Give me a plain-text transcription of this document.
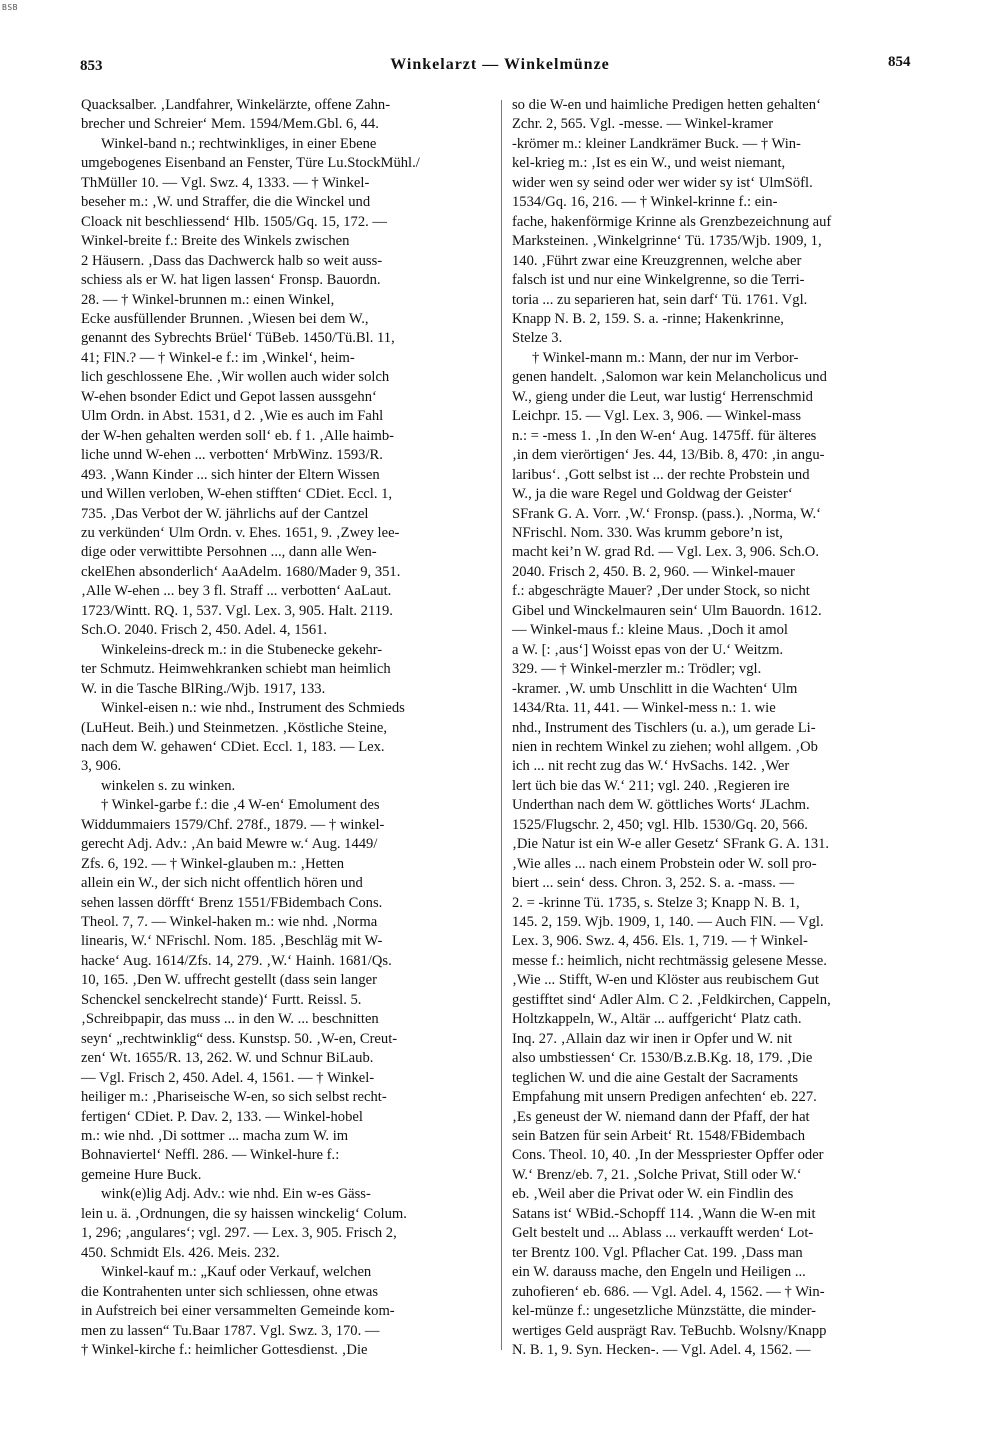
BSB
853	Winkelarzt — Winkelmünze	854
Quacksalber. ‚Landfahrer, Winkelärzte, offene Zahn-
brecher und Schreier‘ Mem. 1594/Mem.Gbl. 6, 44.
Winkel-band n.; rechtwinkliges, in einer Ebene
umgebogenes Eisenband an Fenster, Türe Lu.StockMühl./
ThMüller 10. — Vgl. Swz. 4, 1333. — † Winkel-
beseher m.: ‚W. und Straffer, die die Winckel und
Cloack nit beschliessend‘ Hlb. 1505/Gq. 15, 172. —
Winkel-breite f.: Breite des Winkels zwischen
2 Häusern. ‚Dass das Dachwerck halb so weit auss-
schiess als er W. hat ligen lassen‘ Fronsp. Bauordn.
28. — † Winkel-brunnen m.: einen Winkel,
Ecke ausfüllender Brunnen. ‚Wiesen bei dem W.,
genannt des Sybrechts Brüel‘ TüBeb. 1450/Tü.Bl. 11,
41; FlN.? — † Winkel-e f.: im ‚Winkel‘, heim-
lich geschlossene Ehe. ‚Wir wollen auch wider solch
W-ehen bsonder Edict und Gepot lassen aussgehn‘
Ulm Ordn. in Abst. 1531, d 2. ‚Wie es auch im Fahl
der W-hen gehalten werden soll‘ eb. f 1. ‚Alle haimb-
liche unnd W-ehen ... verbotten‘ MrbWinz. 1593/R.
493. ‚Wann Kinder ... sich hinter der Eltern Wissen
und Willen verloben, W-ehen stifften‘ CDiet. Eccl. 1,
735. ‚Das Verbot der W. jährlichs auf der Cantzel
zu verkünden‘ Ulm Ordn. v. Ehes. 1651, 9. ‚Zwey lee-
dige oder verwittibte Persohnen ..., dann alle Wen-
ckelEhen absonderlich‘ AaAdelm. 1680/Mader 9, 351.
‚Alle W-ehen ... bey 3 fl. Straff ... verbotten‘ AaLaut.
1723/Wintt. RQ. 1, 537. Vgl. Lex. 3, 905. Halt. 2119.
Sch.O. 2040. Frisch 2, 450. Adel. 4, 1561.
Winkeleins-dreck m.: in die Stubenecke gekehr-
ter Schmutz. Heimwehkranken schiebt man heimlich
W. in die Tasche BlRing./Wjb. 1917, 133.
Winkel-eisen n.: wie nhd., Instrument des Schmieds
(LuHeut. Beih.) und Steinmetzen. ‚Köstliche Steine,
nach dem W. gehawen‘ CDiet. Eccl. 1, 183. — Lex.
3, 906.
winkelen s. zu winken.
† Winkel-garbe f.: die ‚4 W-en‘ Emolument des
Widdummaiers 1579/Chf. 278f., 1879. — † winkel-
gerecht Adj. Adv.: ‚An baid Mewre w.‘ Aug. 1449/
Zfs. 6, 192. — † Winkel-glauben m.: ‚Hetten
allein ein W., der sich nicht offentlich hören und
sehen lassen dörfft‘ Brenz 1551/FBidembach Cons.
Theol. 7, 7. — Winkel-haken m.: wie nhd. ‚Norma
linearis, W.‘ NFrischl. Nom. 185. ‚Beschläg mit W-
hacke‘ Aug. 1614/Zfs. 14, 279. ‚W.‘ Hainh. 1681/Qs.
10, 165. ‚Den W. uffrecht gestellt (dass sein langer
Schenckel senckelrecht stande)‘ Furtt. Reissl. 5.
‚Schreibpapir, das muss ... in den W. ... beschnitten
seyn‘ „rechtwinklig“ dess. Kunstsp. 50. ‚W-en, Creut-
zen‘ Wt. 1655/R. 13, 262. W. und Schnur BiLaub.
— Vgl. Frisch 2, 450. Adel. 4, 1561. — † Winkel-
heiliger m.: ‚Phariseische W-en, so sich selbst recht-
fertigen‘ CDiet. P. Dav. 2, 133. — Winkel-hobel
m.: wie nhd. ‚Di sottmer ... macha zum W. im
Bohnaviertel‘ Neffl. 286. — Winkel-hure f.:
gemeine Hure Buck.
wink(e)lig Adj. Adv.: wie nhd. Ein w-es Gäss-
lein u. ä. ‚Ordnungen, die sy haissen winckelig‘ Colum.
1, 296; ‚angulares‘; vgl. 297. — Lex. 3, 905. Frisch 2,
450. Schmidt Els. 426. Meis. 232.
Winkel-kauf m.: „Kauf oder Verkauf, welchen
die Kontrahenten unter sich schliessen, ohne etwas
in Aufstreich bei einer versammelten Gemeinde kom-
men zu lassen“ Tu.Baar 1787. Vgl. Swz. 3, 170. —
† Winkel-kirche f.: heimlicher Gottesdienst. ‚Die
so die W-en und haimliche Predigen hetten gehalten‘
Zchr. 2, 565. Vgl. -messe. — Winkel-kramer
-krömer m.: kleiner Landkrämer Buck. — † Win-
kel-krieg m.: ‚Ist es ein W., und weist niemant,
wider wen sy seind oder wer wider sy ist‘ UlmSöfl.
1534/Gq. 16, 216. — † Winkel-krinne f.: ein-
fache, hakenförmige Krinne als Grenzbezeichnung auf
Marksteinen. ‚Winkelgrinne‘ Tü. 1735/Wjb. 1909, 1,
140. ‚Führt zwar eine Kreuzgrennen, welche aber
falsch ist und nur eine Winkelgrenne, so die Terri-
toria ... zu separieren hat, sein darf‘ Tü. 1761. Vgl.
Knapp N. B. 2, 159. S. a. -rinne; Hakenkrinne,
Stelze 3.
† Winkel-mann m.: Mann, der nur im Verbor-
genen handelt. ‚Salomon war kein Melancholicus und
W., gieng under die Leut, war lustig‘ Herrenschmid
Leichpr. 15. — Vgl. Lex. 3, 906. — Winkel-mass
n.: = -mess 1. ‚In den W-en‘ Aug. 1475ff. für älteres
‚in dem vierörtigen‘ Jes. 44, 13/Bib. 8, 470: ‚in angu-
laribus‘. ‚Gott selbst ist ... der rechte Probstein und
W., ja die ware Regel und Goldwag der Geister‘
SFrank G. A. Vorr. ‚W.‘ Fronsp. (pass.). ‚Norma, W.‘
NFrischl. Nom. 330. Was krumm gebore’n ist,
macht kei’n W. grad Rd. — Vgl. Lex. 3, 906. Sch.O.
2040. Frisch 2, 450. B. 2, 960. — Winkel-mauer
f.: abgeschrägte Mauer? ‚Der under Stock, so nicht
Gibel und Winckelmauren sein‘ Ulm Bauordn. 1612.
— Winkel-maus f.: kleine Maus. ‚Doch it amol
a W. [: ‚aus‘] Woisst epas von der U.‘ Weitzm.
329. — † Winkel-merzler m.: Trödler; vgl.
-kramer. ‚W. umb Unschlitt in die Wachten‘ Ulm
1434/Rta. 11, 441. — Winkel-mess n.: 1. wie
nhd., Instrument des Tischlers (u. a.), um gerade Li-
nien in rechtem Winkel zu ziehen; wohl allgem. ‚Ob
ich ... nit recht zug das W.‘ HvSachs. 142. ‚Wer
lert üch bie das W.‘ 211; vgl. 240. ‚Regieren ire
Underthan nach dem W. göttliches Worts‘ JLachm.
1525/Flugschr. 2, 450; vgl. Hlb. 1530/Gq. 20, 566.
‚Die Natur ist ein W-e aller Gesetz‘ SFrank G. A. 131.
‚Wie alles ... nach einem Probstein oder W. soll pro-
biert ... sein‘ dess. Chron. 3, 252. S. a. -mass. —
2. = -krinne Tü. 1735, s. Stelze 3; Knapp N. B. 1,
145. 2, 159. Wjb. 1909, 1, 140. — Auch FlN. — Vgl.
Lex. 3, 906. Swz. 4, 456. Els. 1, 719. — † Winkel-
messe f.: heimlich, nicht rechtmässig gelesene Messe.
‚Wie ... Stifft, W-en und Klöster aus reubischem Gut
gestifftet sind‘ Adler Alm. C 2. ‚Feldkirchen, Cappeln,
Holtzkappeln, W., Altär ... auffgericht‘ Platz cath.
Inq. 27. ‚Allain daz wir inen ir Opfer und W. nit
also umbstiessen‘ Cr. 1530/B.z.B.Kg. 18, 179. ‚Die
teglichen W. und die aine Gestalt der Sacraments
Empfahung mit unsern Predigen anfechten‘ eb. 227.
‚Es geneust der W. niemand dann der Pfaff, der hat
sein Batzen für sein Arbeit‘ Rt. 1548/FBidembach
Cons. Theol. 10, 40. ‚In der Messpriester Opffer oder
W.‘ Brenz/eb. 7, 21. ‚Solche Privat, Still oder W.‘
eb. ‚Weil aber die Privat oder W. ein Findlin des
Satans ist‘ WBid.-Schopff 114. ‚Wann die W-en mit
Gelt bestelt und ... Ablass ... verkaufft werden‘ Lot-
ter Brentz 100. Vgl. Pflacher Cat. 199. ‚Dass man
ein W. darauss mache, den Engeln und Heiligen ...
zuhofieren‘ eb. 686. — Vgl. Adel. 4, 1562. — † Win-
kel-münze f.: ungesetzliche Münzstätte, die minder-
wertiges Geld ausprägt Rav. TeBuchb. Wolsny/Knapp
N. B. 1, 9. Syn. Hecken-. — Vgl. Adel. 4, 1562. —
